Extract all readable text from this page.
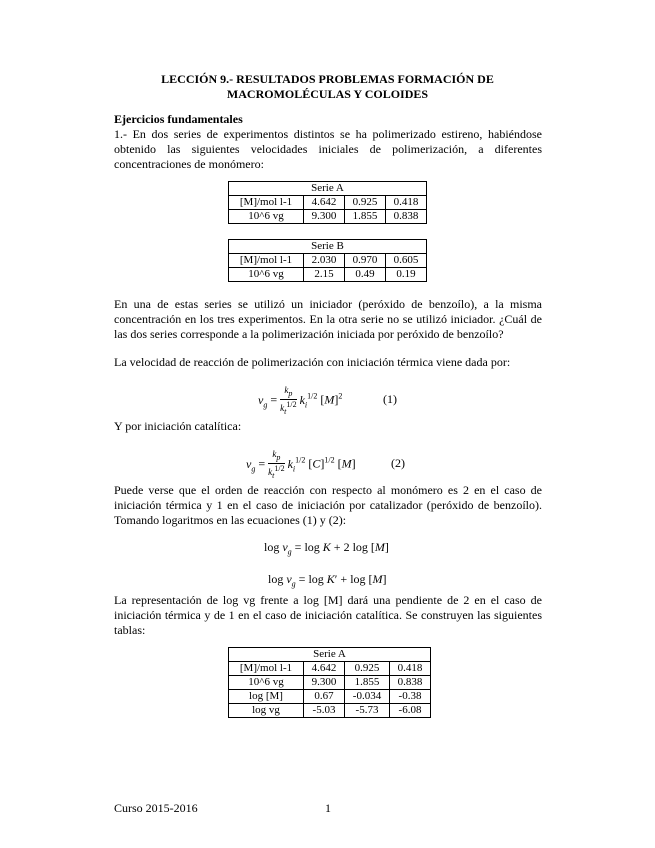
LECCIÓN 9.- RESULTADOS PROBLEMAS FORMACIÓN DE
MACROMOLÉCULAS Y COLOIDES
Ejercicios fundamentales
1.- En dos series de experimentos distintos se ha polimerizado estireno, habiéndose obtenido las siguientes velocidades iniciales de polimerización, a diferentes concentraciones de monómero:
Serie A			
[M]/mol l-1	4.642	0.925	0.418
10^6 vg	9.300	1.855	0.838
Serie B			
[M]/mol l-1	2.030	0.970	0.605
10^6 vg	2.15	0.49	0.19
En una de estas series se utilizó un iniciador (peróxido de benzoílo), a la misma concentración en los tres experimentos. En la otra serie no se utilizó iniciador. ¿Cuál de las dos series corresponde a la polimerización iniciada por peróxido de benzoílo?
La velocidad de reacción de polimerización con iniciación térmica viene dada por:
$v_g = \frac{k_p}{k_t^{1/2}} k_i^{1/2}$ $[M]^2$	(1)
Y por iniciación catalítica:
$v_g = \frac{k_p}{k_t^{1/2}} k_i^{1/2}$ $[C]^{1/2}$ [M]	(2)
Puede verse que el orden de reacción con respecto al monómero es 2 en el caso de iniciación térmica y 1 en el caso de iniciación por catalizador (peróxido de benzoílo). Tomando logaritmos en las ecuaciones (1) y (2):
$\log v_g = \log K + 2$ log [M]
$\log v_g = \log K' + \log [M]$
La representación de log vg frente a log [M] dará una pendiente de 2 en el caso de iniciación térmica y de 1 en el caso de iniciación catalítica. Se construyen las siguientes tablas:
Serie A			
[M]/mol l-1	4.642	0.925	0.418
10^6 vg	9.300	1.855	0.838
log [M]	0.67	-0.034	-0.38
log vg	-5.03	-5.73	-6.08
Curso 2015-2016	1
